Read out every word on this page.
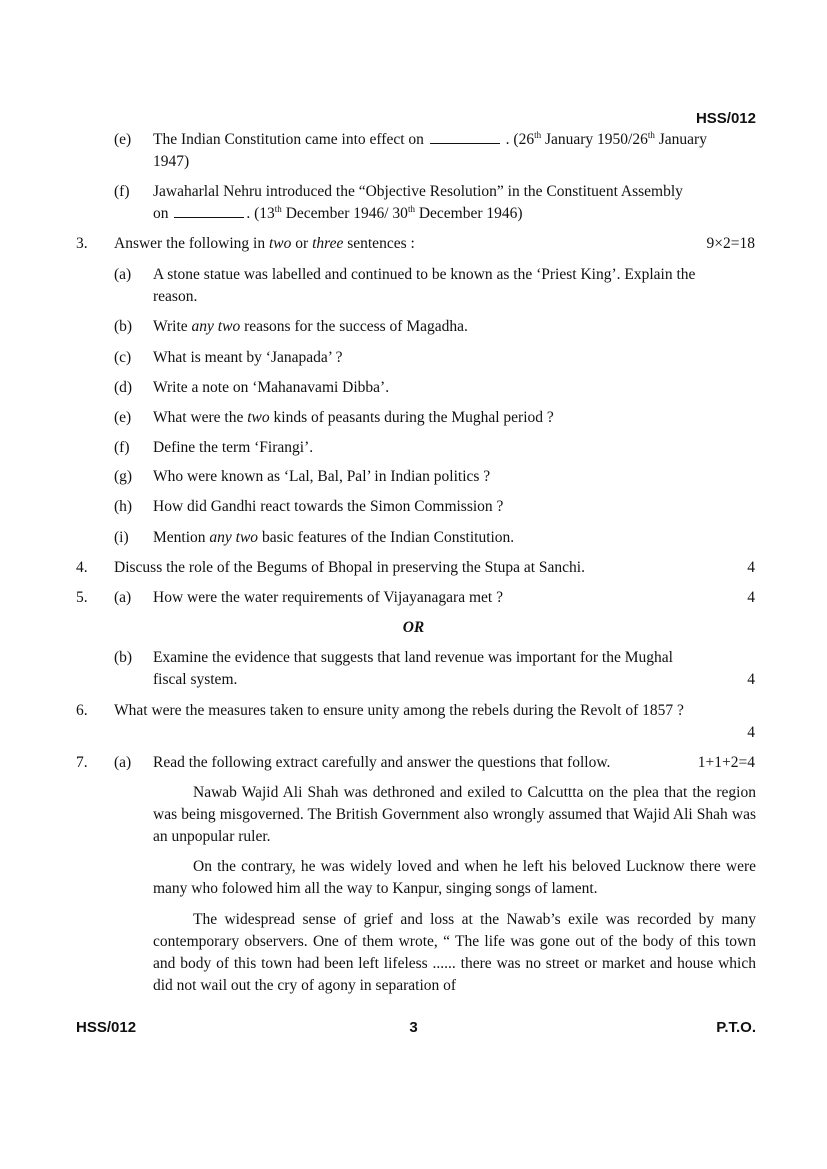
HSS/012
(e) The Indian Constitution came into effect on	. (26th January 1950/26th January
1947)
(f) Jawaharlal Nehru introduced the “Objective Resolution” in the Constituent Assembly
on	. (13th December 1946/ 30th December 1946)
3. Answer the following in two or three sentences :	9×2=18
(a) A stone statue was labelled and continued to be known as the ‘Priest King’. Explain the
reason.
(b) Write any two reasons for the success of Magadha.
(c) What is meant by ‘Janapada’ ?
(d) Write a note on ‘Mahanavami Dibba’.
(e) What were the two kinds of peasants during the Mughal period ?
(f) Define the term ‘Firangi’.
(g) Who were known as ‘Lal, Bal, Pal’ in Indian politics ?
(h) How did Gandhi react towards the Simon Commission ?
(i) Mention any two basic features of the Indian Constitution.
4. Discuss the role of the Begums of Bhopal in preserving the Stupa at Sanchi.	4
5. (a) How were the water requirements of Vijayanagara met ?	4
OR
(b) Examine the evidence that suggests that land revenue was important for the Mughal
fiscal system.	4
6. What were the measures taken to ensure unity among the rebels during the Revolt of 1857 ?
4
7. (a) Read the following extract carefully and answer the questions that follow.	1+1+2=4

Nawab Wajid Ali Shah was dethroned and exiled to Calcuttta on the plea that the region was being misgoverned. The British Government also wrongly assumed that Wajid Ali Shah was an unpopular ruler.

On the contrary, he was widely loved and when he left his beloved Lucknow there were many who folowed him all the way to Kanpur, singing songs of lament.

The widespread sense of grief and loss at the Nawab’s exile was recorded by many contemporary observers. One of them wrote, “ The life was gone out of the body of this town and body of this town had been left lifeless ...... there was no street or market and house which did not wail out the cry of agony in separation of

HSS/012	3	P.T.O.
